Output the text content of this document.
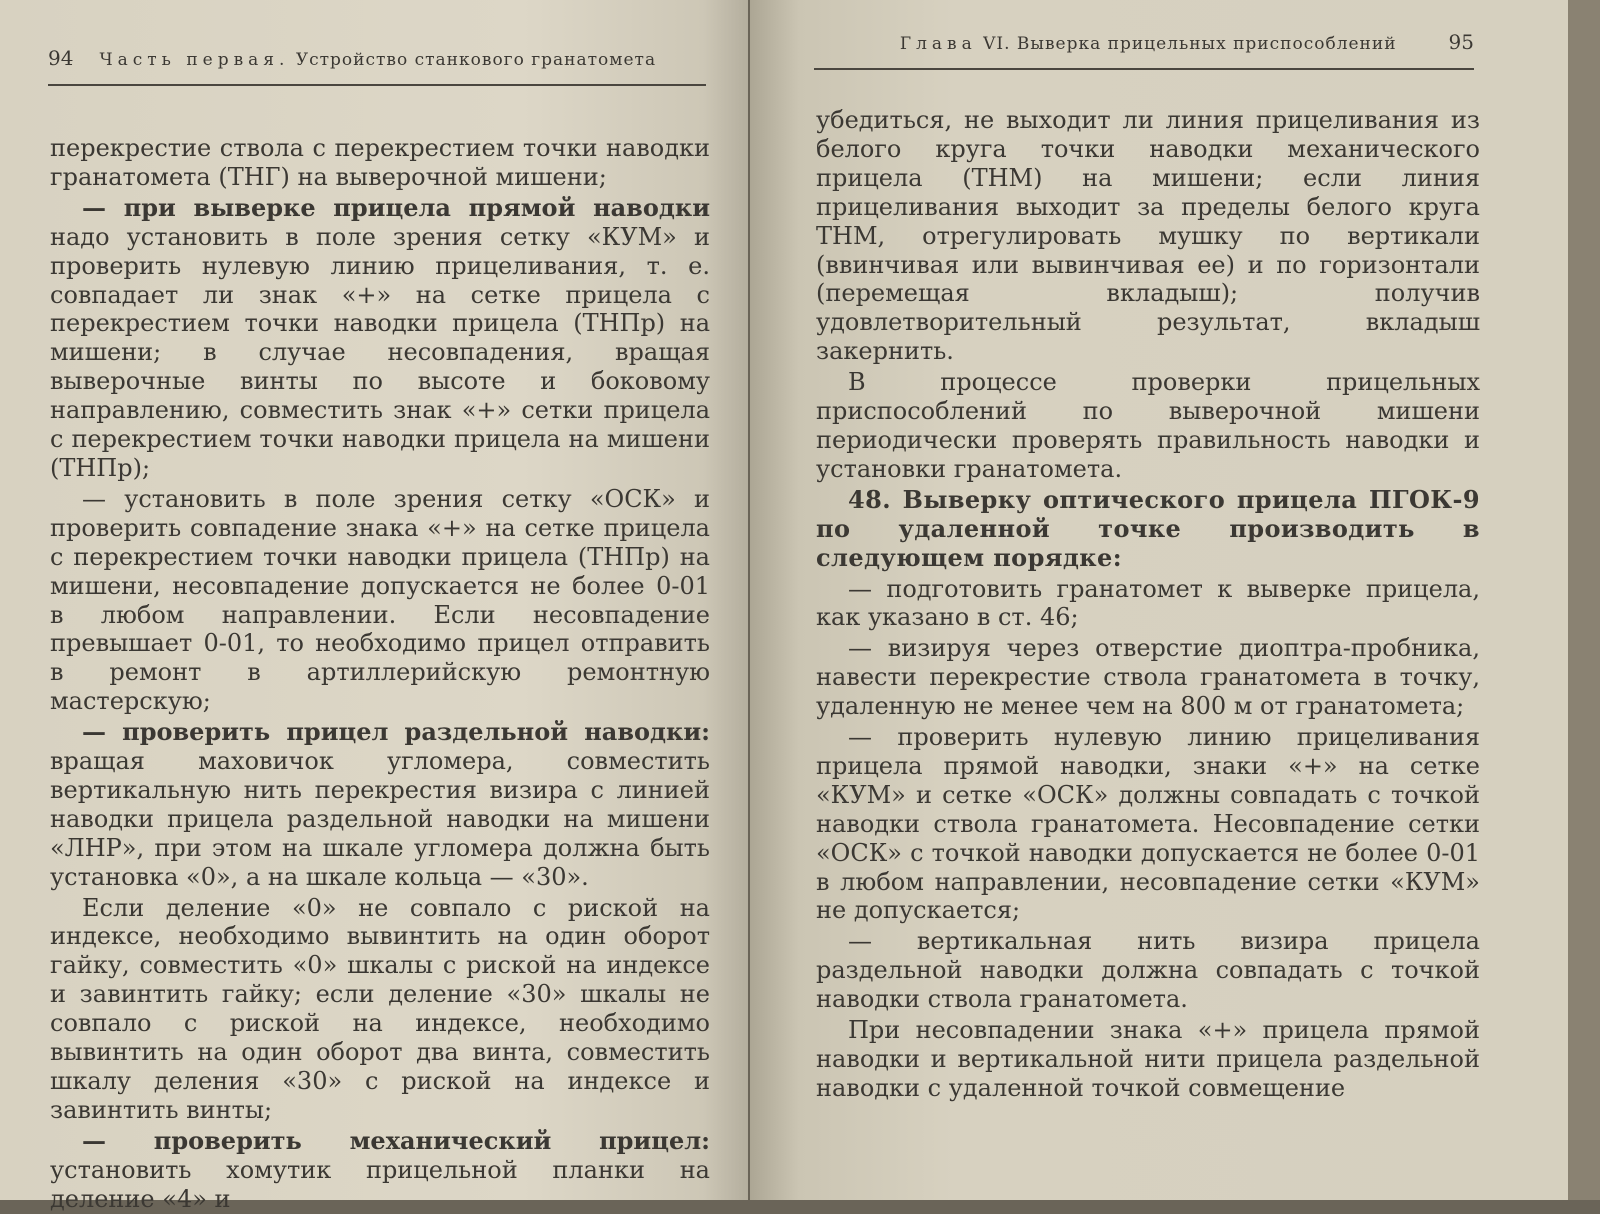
94 Часть первая. Устройство станкового гранатомета

перекрестие ствола с перекрестием точки наводки гранатомета (ТНГ) на выверочной мишени;

— при выверке прицела прямой наводки надо установить в поле зрения сетку «КУМ» и проверить нулевую линию прицеливания, т. е. совпадает ли знак «+» на сетке прицела с перекрестием точки наводки прицела (ТНПр) на мишени; в случае несовпадения, вращая выверочные винты по высоте и боковому направлению, совместить знак «+» сетки прицела с перекрестием точки наводки прицела на мишени (ТНПр);

— установить в поле зрения сетку «ОСК» и проверить совпадение знака «+» на сетке прицела с перекрестием точки наводки прицела (ТНПр) на мишени, несовпадение допускается не более 0-01 в любом направлении. Если несовпадение превышает 0-01, то необходимо прицел отправить в ремонт в артиллерийскую ремонтную мастерскую;

— проверить прицел раздельной наводки: вращая маховичок угломера, совместить вертикальную нить перекрестия визира с линией наводки прицела раздельной наводки на мишени «ЛНР», при этом на шкале угломера должна быть установка «0», а на шкале кольца — «30».

Если деление «0» не совпало с риской на индексе, необходимо вывинтить на один оборот гайку, совместить «0» шкалы с риской на индексе и завинтить гайку; если деление «30» шкалы не совпало с риской на индексе, необходимо вывинтить на один оборот два винта, совместить шкалу деления «30» с риской на индексе и завинтить винты;

— проверить механический прицел: установить хомутик прицельной планки на деление «4» и

Глава VI. Выверка прицельных приспособлений	95

убедиться, не выходит ли линия прицеливания из белого круга точки наводки механического прицела (ТНМ) на мишени; если линия прицеливания выходит за пределы белого круга ТНМ, отрегулировать мушку по вертикали (ввинчивая или вывинчивая ее) и по горизонтали (перемещая вкладыш); получив удовлетворительный результат, вкладыш закернить.

В процессе проверки прицельных приспособлений по выверочной мишени периодически проверять правильность наводки и установки гранатомета.

48. Выверку оптического прицела ПГОК-9 по удаленной точке производить в следующем порядке:

— подготовить гранатомет к выверке прицела, как указано в ст. 46;

— визируя через отверстие диоптра-пробника, навести перекрестие ствола гранатомета в точку, удаленную не менее чем на 800 м от гранатомета;

— проверить нулевую линию прицеливания прицела прямой наводки, знаки «+» на сетке «КУМ» и сетке «ОСК» должны совпадать с точкой наводки ствола гранатомета. Несовпадение сетки «ОСК» с точкой наводки допускается не более 0-01 в любом направлении, несовпадение сетки «КУМ» не допускается;

— вертикальная нить визира прицела раздельной наводки должна совпадать с точкой наводки ствола гранатомета.

При несовпадении знака «+» прицела прямой наводки и вертикальной нити прицела раздельной наводки с удаленной точкой совмещение
